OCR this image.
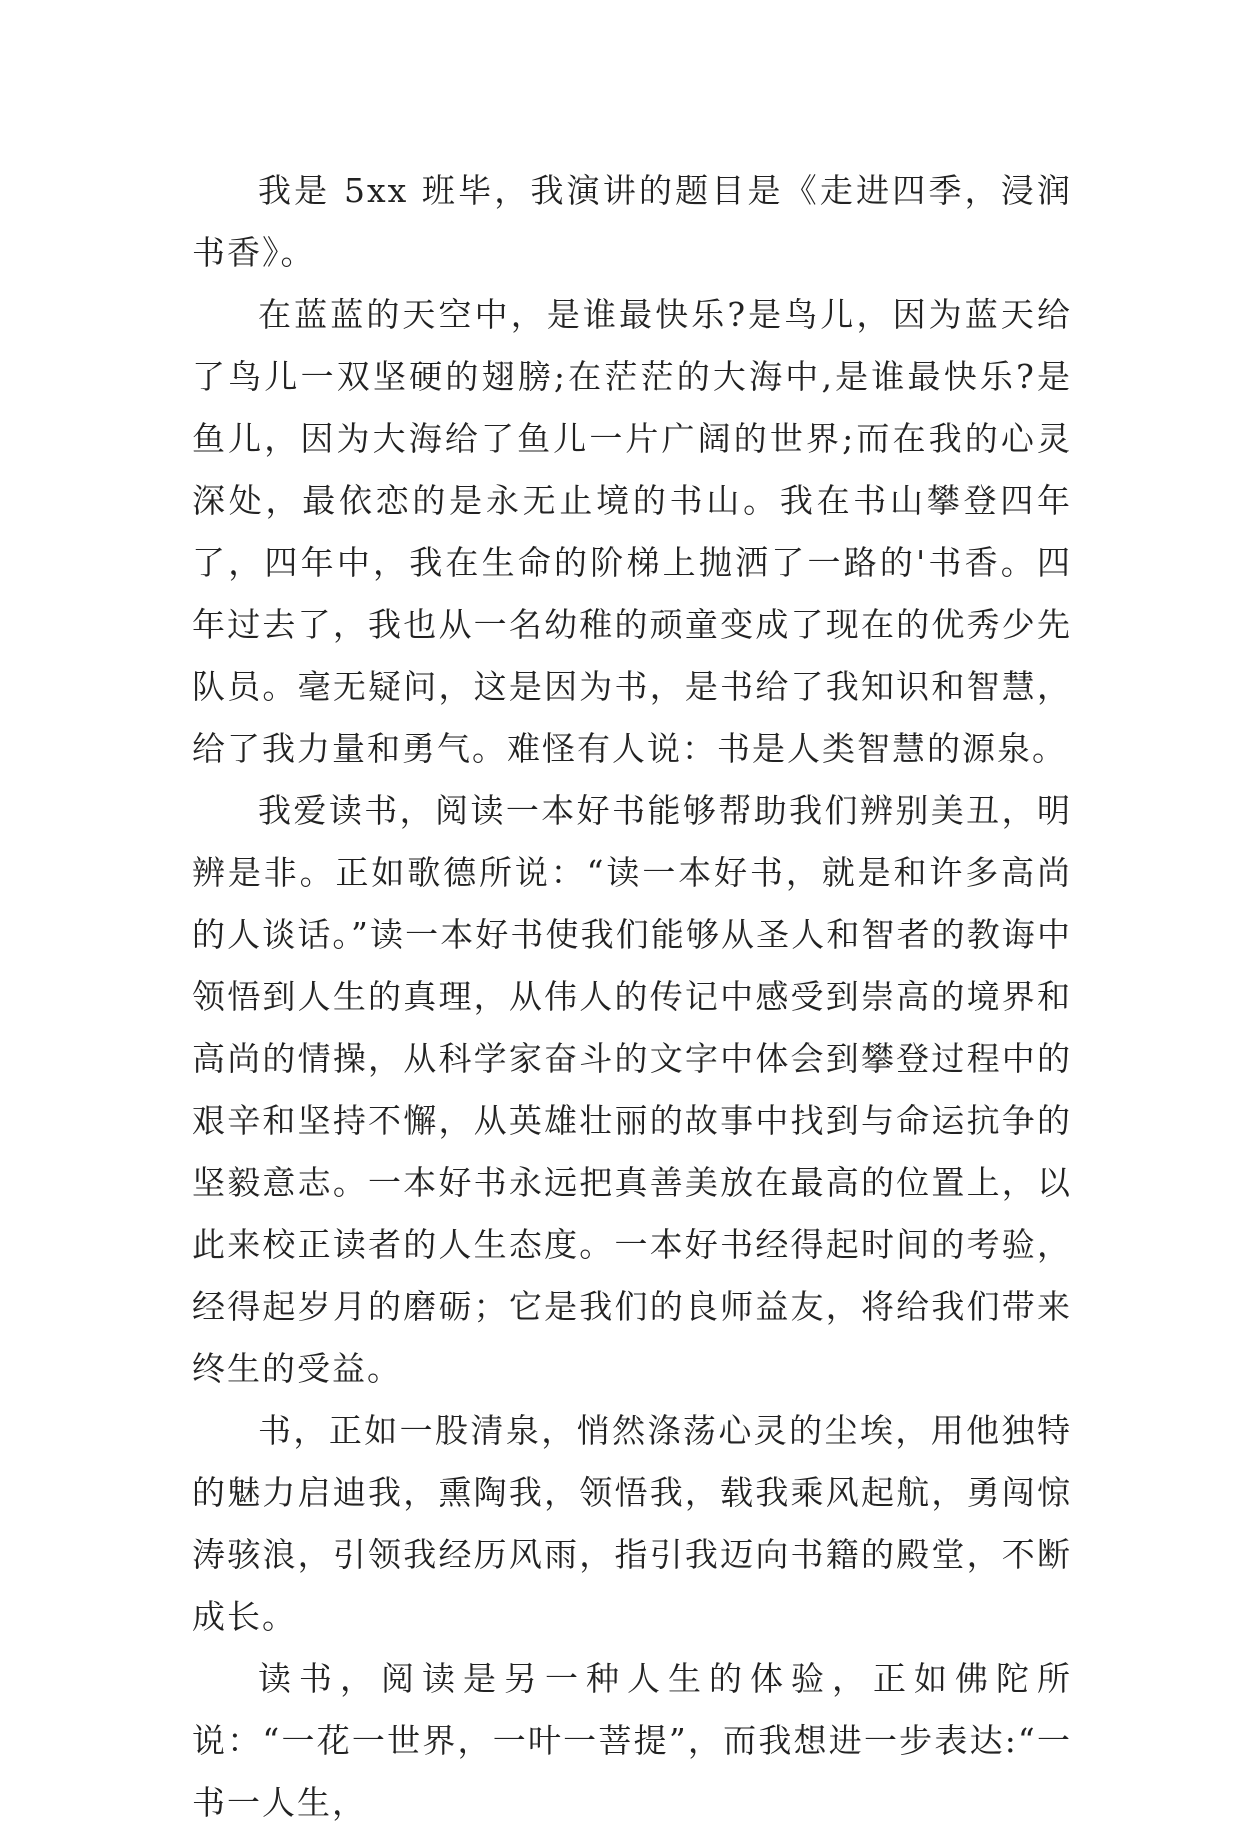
我是 5xx 班毕，我演讲的题目是《走进四季，浸润书香》。

在蓝蓝的天空中，是谁最快乐?是鸟儿，因为蓝天给了鸟儿一双坚硬的翅膀;在茫茫的大海中,是谁最快乐?是鱼儿，因为大海给了鱼儿一片广阔的世界;而在我的心灵深处，最依恋的是永无止境的书山。我在书山攀登四年了，四年中，我在生命的阶梯上抛洒了一路的'书香。四年过去了，我也从一名幼稚的顽童变成了现在的优秀少先队员。毫无疑问，这是因为书，是书给了我知识和智慧，给了我力量和勇气。难怪有人说：书是人类智慧的源泉。

我爱读书，阅读一本好书能够帮助我们辨别美丑，明辨是非。正如歌德所说：“读一本好书，就是和许多高尚的人谈话。”读一本好书使我们能够从圣人和智者的教诲中领悟到人生的真理，从伟人的传记中感受到崇高的境界和高尚的情操，从科学家奋斗的文字中体会到攀登过程中的艰辛和坚持不懈，从英雄壮丽的故事中找到与命运抗争的坚毅意志。一本好书永远把真善美放在最高的位置上，以此来校正读者的人生态度。一本好书经得起时间的考验，经得起岁月的磨砺；它是我们的良师益友，将给我们带来终生的受益。

书，正如一股清泉，悄然涤荡心灵的尘埃，用他独特的魅力启迪我，熏陶我，领悟我，载我乘风起航，勇闯惊涛骇浪，引领我经历风雨，指引我迈向书籍的殿堂，不断成长。

读书，阅读是另一种人生的体验，正如佛陀所说：“一花一世界，一叶一菩提”，而我想进一步表达:“一书一人生，
